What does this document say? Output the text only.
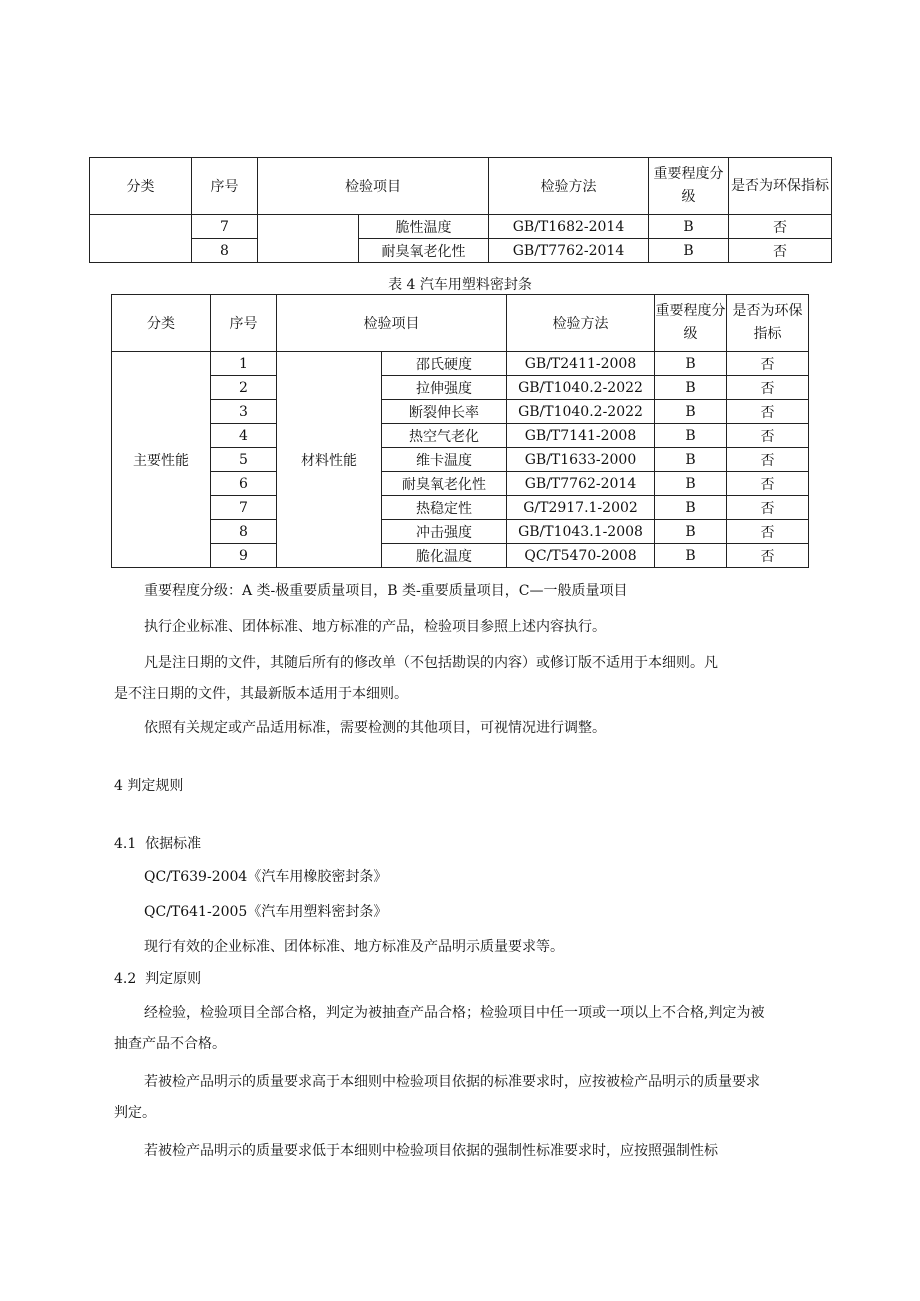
分类	序号	检验项目		检验方法	重要程度分级	是否为环保指标
	7		脆性温度	GB/T1682-2014	B	否
	8		耐臭氧老化性	GB/T7762-2014	B	否
表 4 汽车用塑料密封条
分类	序号	检验项目		检验方法	重要程度分级	是否为环保指标
主要性能	1	材料性能	邵氏硬度	GB/T2411-2008	B	否
	2		拉伸强度	GB/T1040.2-2022	B	否
	3		断裂伸长率	GB/T1040.2-2022	B	否
	4		热空气老化	GB/T7141-2008	B	否
	5		维卡温度	GB/T1633-2000	B	否
	6		耐臭氧老化性	GB/T7762-2014	B	否
	7		热稳定性	G/T2917.1-2002	B	否
	8		冲击强度	GB/T1043.1-2008	B	否
	9		脆化温度	QC/T5470-2008	B	否
重要程度分级：A 类-极重要质量项目，B 类-重要质量项目，C—一般质量项目
执行企业标准、团体标准、地方标准的产品，检验项目参照上述内容执行。
凡是注日期的文件，其随后所有的修改单（不包括勘误的内容）或修订版不适用于本细则。凡
是不注日期的文件，其最新版本适用于本细则。
依照有关规定或产品适用标准，需要检测的其他项目，可视情况进行调整。
4 判定规则
4.1  依据标准
QC/T639-2004《汽车用橡胶密封条》
QC/T641-2005《汽车用塑料密封条》
现行有效的企业标准、团体标准、地方标准及产品明示质量要求等。
4.2  判定原则
经检验，检验项目全部合格，判定为被抽查产品合格；检验项目中任一项或一项以上不合格,判定为被
抽查产品不合格。
若被检产品明示的质量要求高于本细则中检验项目依据的标准要求时，应按被检产品明示的质量要求
判定。
若被检产品明示的质量要求低于本细则中检验项目依据的强制性标准要求时，应按照强制性标
